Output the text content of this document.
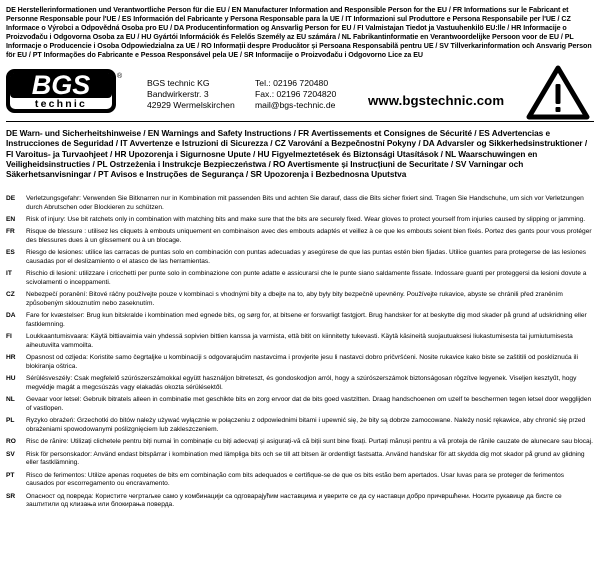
DE Herstellerinformationen und Verantwortliche Person für die EU / EN Manufacturer Information and Responsible Person for the EU / FR Informations sur le Fabricant et Personne Responsable pour l'UE / ES Información del Fabricante y Persona Responsable para la UE / IT Informazioni sul Produttore e Persona Responsabile per l'UE / CZ Informace o Výrobci a Odpovědná Osoba pro EU / DA Producentinformation og Ansvarlig Person for EU / FI Valmistajan Tiedot ja Vastuuhenkilö EU:lle / HR Informacije o Proizvođaču i Odgovorna Osoba za EU / HU Gyártói Információk és Felelős Személy az EU számára / NL Fabrikantinformatie en Verantwoordelijke Persoon voor de EU / PL Informacje o Producencie i Osoba Odpowiedzialna za UE / RO Informații despre Producător și Persoana Responsabilă pentru UE / SV Tillverkarinformation och Ansvarig Person för EU / PT Informações do Fabricante e Pessoa Responsável pela UE / SR Informacije o Proizvođaču i Odgovorno Lice za EU
BGS
technic
®
BGS technic KG
Bandwirkerstr. 3
42929 Wermelskirchen
Tel.: 02196 720480
Fax.: 02196 7204820
mail@bgs-technic.de www.bgstechnic.com
DE Warn- und Sicherheitshinweise / EN Warnings and Safety Instructions / FR Avertissements et Consignes de Sécurité / ES Advertencias e Instrucciones de Seguridad / IT Avvertenze e Istruzioni di Sicurezza / CZ Varování a Bezpečnostní Pokyny / DA Advarsler og Sikkerhedsinstruktioner / FI Varoitus- ja Turvaohjeet / HR Upozorenja i Sigurnosne Upute / HU Figyelmeztetések és Biztonsági Utasítások / NL Waarschuwingen en Veiligheidsinstructies / PL Ostrzeżenia i Instrukcje Bezpieczeństwa / RO Avertismente și Instrucțiuni de Securitate / SV Varningar och Säkerhetsanvisningar / PT Avisos e Instruções de Segurança / SR Upozorenja i Bezbednosna Uputstva
DE	Verletzungsgefahr: Verwenden Sie Bitknarren nur in Kombination mit passenden Bits und achten Sie darauf, dass die Bits sicher fixiert sind. Tragen Sie Handschuhe, um sich vor Verletzungen durch Abrutschen oder Blockieren zu schützen.
EN	Risk of injury: Use bit ratchets only in combination with matching bits and make sure that the bits are securely fixed. Wear gloves to protect yourself from injuries caused by slipping or jamming.
FR	Risque de blessure : utilisez les cliquets à embouts uniquement en combinaison avec des embouts adaptés et veillez à ce que les embouts soient bien fixés. Portez des gants pour vous protéger des blessures dues à un glissement ou à un blocage.
ES	Riesgo de lesiones: utilice las carracas de puntas solo en combinación con puntas adecuadas y asegúrese de que las puntas estén bien fijadas. Utilice guantes para protegerse de las lesiones causadas por el deslizamiento o el atasco de las herramientas.
IT	Rischio di lesioni: utilizzare i cricchetti per punte solo in combinazione con punte adatte e assicurarsi che le punte siano saldamente fissate. Indossare guanti per proteggersi da lesioni dovute a scivolamenti o inceppamenti.
CZ	Nebezpečí poranění: Bitové ráčny používejte pouze v kombinaci s vhodnými bity a dbejte na to, aby byly bity bezpečně upevněny. Používejte rukavice, abyste se chránili před zraněním způsobeným sklouznutím nebo zaseknutím.
DA	Fare for kvæstelser: Brug kun bitskralde i kombination med egnede bits, og sørg for, at bitsene er forsvarligt fastgjort. Brug handsker for at beskytte dig mod skader på grund af udskridning eller fastklemning.
FI	Loukkaantumisvaara: Käytä bittiavaimia vain yhdessä sopivien bittien kanssa ja varmista, että bitit on kiinnitetty tukevasti. Käytä käsineitä suojautuaksesi liukastumisesta tai jumiutumisesta aiheutuvilta vammoilta.
HR	Opasnost od ozljeda: Koristite samo čegrtaljke u kombinaciji s odgovarajućim nastavcima i provjerite jesu li nastavci dobro pričvršćeni. Nosite rukavice kako biste se zaštitili od poskliznuća ili blokiranja oštrica.
HU	Sérülésveszély: Csak megfelelő szúrószerszámokkal együtt használjon bitreteszt, és gondoskodjon arról, hogy a szúrószerszámok biztonságosan rögzítve legyenek. Viseljen kesztyűt, hogy megvédje magát a megcsúszás vagy elakadás okozta sérülésektől.
NL	Gevaar voor letsel: Gebruik bitratels alleen in combinatie met geschikte bits en zorg ervoor dat de bits goed vastzitten. Draag handschoenen om uzelf te beschermen tegen letsel door wegglijden of vastlopen.
PL	Ryzyko obrażeń: Grzechotki do bitów należy używać wyłącznie w połączeniu z odpowiednimi bitami i upewnić się, że bity są dobrze zamocowane. Należy nosić rękawice, aby chronić się przed obrażeniami spowodowanymi poślizgnięciem lub zakleszczeniem.
RO	Risc de rănire: Utilizați clichetele pentru biți numai în combinație cu biți adecvați și asigurați-vă că biții sunt bine fixați. Purtați mănuși pentru a vă proteja de rănile cauzate de alunecare sau blocaj.
SV	Risk för personskador: Använd endast bitspärrar i kombination med lämpliga bits och se till att bitsen är ordentligt fastsatta. Använd handskar för att skydda dig mot skador på grund av glidning eller fastklämning.
PT	Risco de ferimentos: Utilize apenas roquetes de bits em combinação com bits adequados e certifique-se de que os bits estão bem apertados. Usar luvas para se proteger de ferimentos causados por escorregamento ou encravamento.
SR	Опасност од повреда: Користите чегртаљке само у комбинацији са одговарајућим наставцима и уверите се да су наставци добро причвршћени. Носите рукавице да бисте се заштитили од клизања или блокирања поверда.
